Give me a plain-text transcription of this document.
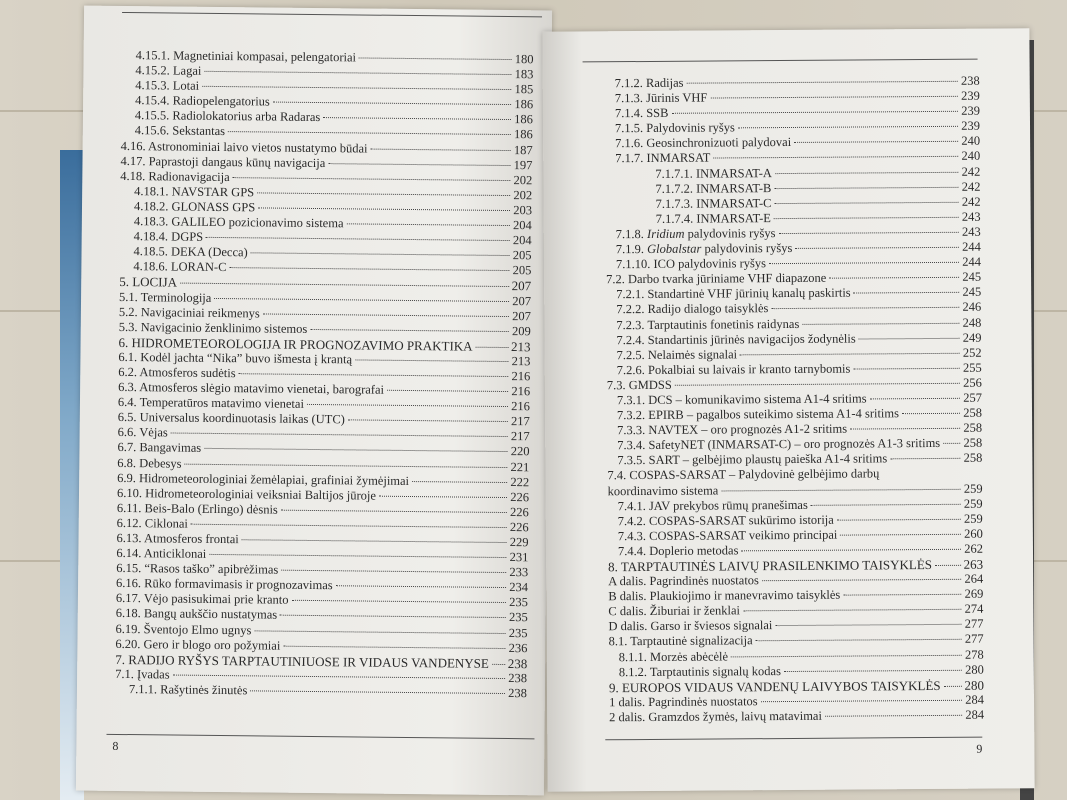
4.15.1. Magnetiniai kompasai, pelengatoriai	180
4.15.2. Lagai	183
4.15.3. Lotai	185
4.15.4. Radiopelengatorius	186
4.15.5. Radiolokatorius arba Radaras	186
4.15.6. Sekstantas	186
4.16. Astronominiai laivo vietos nustatymo būdai	187
4.17. Paprastoji dangaus kūnų navigacija	197
4.18. Radionavigacija	202
4.18.1. NAVSTAR GPS	202
4.18.2. GLONASS GPS	203
4.18.3. GALILEO pozicionavimo sistema	204
4.18.4. DGPS	204
4.18.5. DEKA (Decca)	205
4.18.6. LORAN-C	205
5. LOCIJA	207
5.1. Terminologija	207
5.2. Navigaciniai reikmenys	207
5.3. Navigacinio ženklinimo sistemos	209
6. HIDROMETEOROLOGIJA IR PROGNOZAVIMO PRAKTIKA	213
6.1. Kodėl jachta “Nika” buvo išmesta į krantą	213
6.2. Atmosferos sudėtis	216
6.3. Atmosferos slėgio matavimo vienetai, barografai	216
6.4. Temperatūros matavimo vienetai	216
6.5. Universalus koordinuotasis laikas (UTC)	217
6.6. Vėjas	217
6.7. Bangavimas	220
6.8. Debesys	221
6.9. Hidrometeorologiniai žemėlapiai, grafiniai žymėjimai	222
6.10. Hidrometeorologiniai veiksniai Baltijos jūroje	226
6.11. Beis-Balo (Erlingo) dėsnis	226
6.12. Ciklonai	226
6.13. Atmosferos frontai	229
6.14. Anticiklonai	231
6.15. “Rasos taško” apibrėžimas	233
6.16. Rūko formavimasis ir prognozavimas	234
6.17. Vėjo pasisukimai prie kranto	235
6.18. Bangų aukščio nustatymas	235
6.19. Šventojo Elmo ugnys	235
6.20. Gero ir blogo oro požymiai	236
7. RADIJO RYŠYS TARPTAUTINIUOSE IR VIDAUS VANDENYSE 238
7.1. Įvadas	238
7.1.1. Rašytinės žinutės	238
8
7.1.2. Radijas	238
7.1.3. Jūrinis VHF	239
7.1.4. SSB	239
7.1.5. Palydovinis ryšys	239
7.1.6. Geosinchronizuoti palydovai	240
7.1.7. INMARSAT	240
7.1.7.1. INMARSAT-A	242
7.1.7.2. INMARSAT-B	242
7.1.7.3. INMARSAT-C	242
7.1.7.4. INMARSAT-E	243
7.1.8. Iridium palydovinis ryšys	243
7.1.9. Globalstar palydovinis ryšys	244
7.1.10. ICO palydovinis ryšys	244
7.2. Darbo tvarka jūriniame VHF diapazone	245
7.2.1. Standartinė VHF jūrinių kanalų paskirtis	245
7.2.2. Radijo dialogo taisyklės	246
7.2.3. Tarptautinis fonetinis raidynas	248
7.2.4. Standartinis jūrinės navigacijos žodynėlis	249
7.2.5. Nelaimės signalai	252
7.2.6. Pokalbiai su laivais ir kranto tarnybomis	255
7.3. GMDSS	256
7.3.1. DCS – komunikavimo sistema A1-4 sritims	257
7.3.2. EPIRB – pagalbos suteikimo sistema A1-4 sritims	258
7.3.3. NAVTEX – oro prognozės A1-2 sritims	258
7.3.4. SafetyNET (INMARSAT-C) – oro prognozės A1-3 sritims 258
7.3.5. SART – gelbėjimo plaustų paieška A1-4 sritims	258
7.4. COSPAS-SARSAT – Palydovinė gelbėjimo darbų
koordinavimo sistema	259
7.4.1. JAV prekybos rūmų pranešimas	259
7.4.2. COSPAS-SARSAT sukūrimo istorija	259
7.4.3. COSPAS-SARSAT veikimo principai	260
7.4.4. Doplerio metodas	262
8. TARPTAUTINĖS LAIVŲ PRASILENKIMO TAISYKLĖS 263
A dalis. Pagrindinės nuostatos	264
B dalis. Plaukiojimo ir manevravimo taisyklės	269
C dalis. Žiburiai ir ženklai	274
D dalis. Garso ir šviesos signalai	277
8.1. Tarptautinė signalizacija	277
8.1.1. Morzės abėcėlė	278
8.1.2. Tarptautinis signalų kodas	280
9. EUROPOS VIDAUS VANDENŲ LAIVYBOS TAISYKLĖS 280
1 dalis. Pagrindinės nuostatos	284
2 dalis. Gramzdos žymės, laivų matavimai	284
9
